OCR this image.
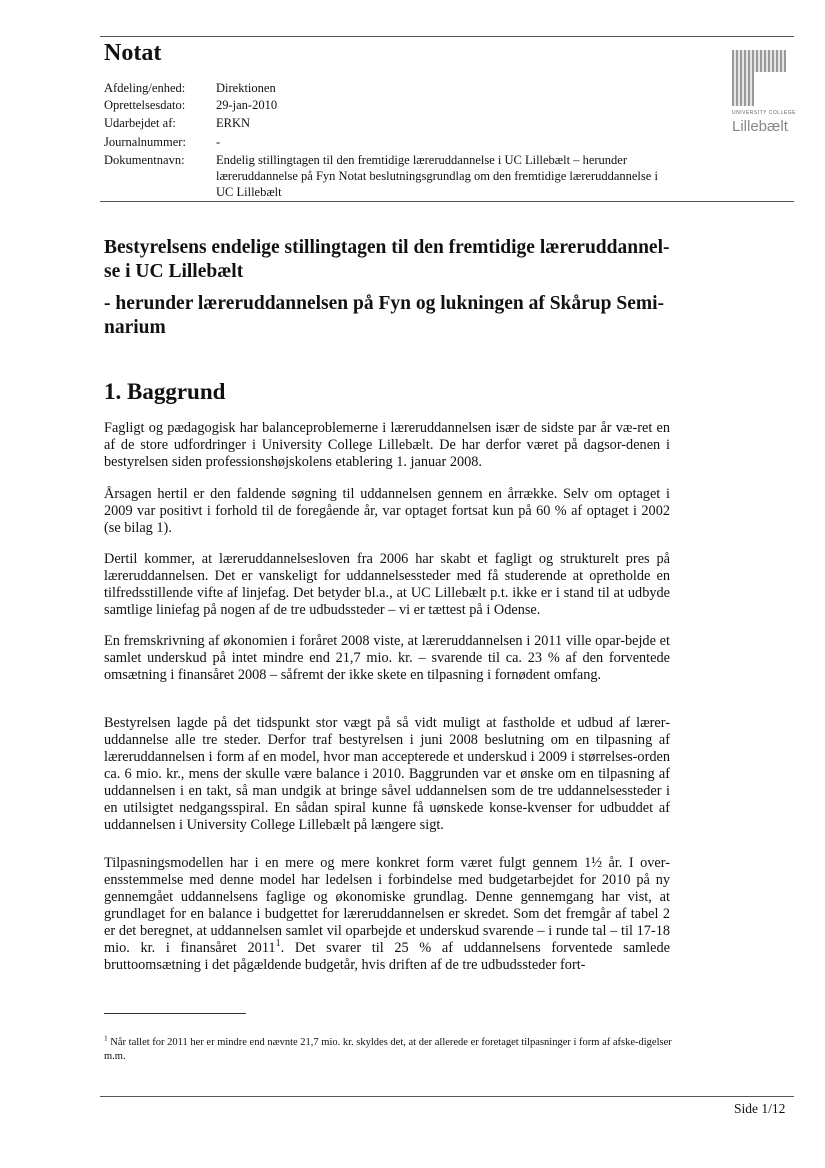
Notat
Afdeling/enhed: Direktionen
Oprettelsesdato: 29-jan-2010
Udarbejdet af:	ERKN
Journalnummer: -
Dokumentnavn:	Endelig stillingtagen til den fremtidige læreruddannelse i UC Lillebælt – herunder læreruddannelse på Fyn Notat beslutningsgrundlag om den fremtidige læreruddannelse i UC Lillebælt
UNIVERSITY COLLEGE
Lillebælt
Bestyrelsens endelige stillingtagen til den fremtidige læreruddannel-se i UC Lillebælt
- herunder læreruddannelsen på Fyn og lukningen af Skårup Semi-narium
1. Baggrund
Fagligt og pædagogisk har balanceproblemerne i læreruddannelsen især de sidste par år væ-ret en af de store udfordringer i University College Lillebælt. De har derfor været på dagsor-denen i bestyrelsen siden professionshøjskolens etablering 1. januar 2008.
Årsagen hertil er den faldende søgning til uddannelsen gennem en årrække. Selv om optaget i 2009 var positivt i forhold til de foregående år, var optaget fortsat kun på 60 % af optaget i 2002 (se bilag 1).
Dertil kommer, at læreruddannelsesloven fra 2006 har skabt et fagligt og strukturelt pres på læreruddannelsen. Det er vanskeligt for uddannelsessteder med få studerende at opretholde en tilfredsstillende vifte af linjefag. Det betyder bl.a., at UC Lillebælt p.t. ikke er i stand til at udbyde samtlige liniefag på nogen af de tre udbudssteder – vi er tættest på i Odense.
En fremskrivning af økonomien i foråret 2008 viste, at læreruddannelsen i 2011 ville opar-bejde et samlet underskud på intet mindre end 21,7 mio. kr. – svarende til ca. 23 % af den forventede omsætning i finansåret 2008 – såfremt der ikke skete en tilpasning i fornødent omfang.
Bestyrelsen lagde på det tidspunkt stor vægt på så vidt muligt at fastholde et udbud af lærer-uddannelse alle tre steder. Derfor traf bestyrelsen i juni 2008 beslutning om en tilpasning af læreruddannelsen i form af en model, hvor man accepterede et underskud i 2009 i størrelses-orden ca. 6 mio. kr., mens der skulle være balance i 2010. Baggrunden var et ønske om en tilpasning af uddannelsen i en takt, så man undgik at bringe såvel uddannelsen som de tre uddannelsessteder i en utilsigtet nedgangsspiral. En sådan spiral kunne få uønskede konse-kvenser for udbuddet af uddannelsen i University College Lillebælt på længere sigt.
Tilpasningsmodellen har i en mere og mere konkret form været fulgt gennem 1½ år. I over-ensstemmelse med denne model har ledelsen i forbindelse med budgetarbejdet for 2010 på ny gennemgået uddannelsens faglige og økonomiske grundlag. Denne gennemgang har vist, at grundlaget for en balance i budgettet for læreruddannelsen er skredet. Som det fremgår af tabel 2 er det beregnet, at uddannelsen samlet vil oparbejde et underskud svarende – i runde tal – til 17-18 mio. kr. i finansåret 2011$^1$. Det svarer til 25 % af uddannelsens forventede samlede bruttoomsætning i det pågældende budgetår, hvis driften af de tre udbudssteder fort-
$^1$ Når tallet for 2011 her er mindre end nævnte 21,7 mio. kr. skyldes det, at der allerede er foretaget tilpasninger i form af afske-digelser m.m.
Side 1/12
